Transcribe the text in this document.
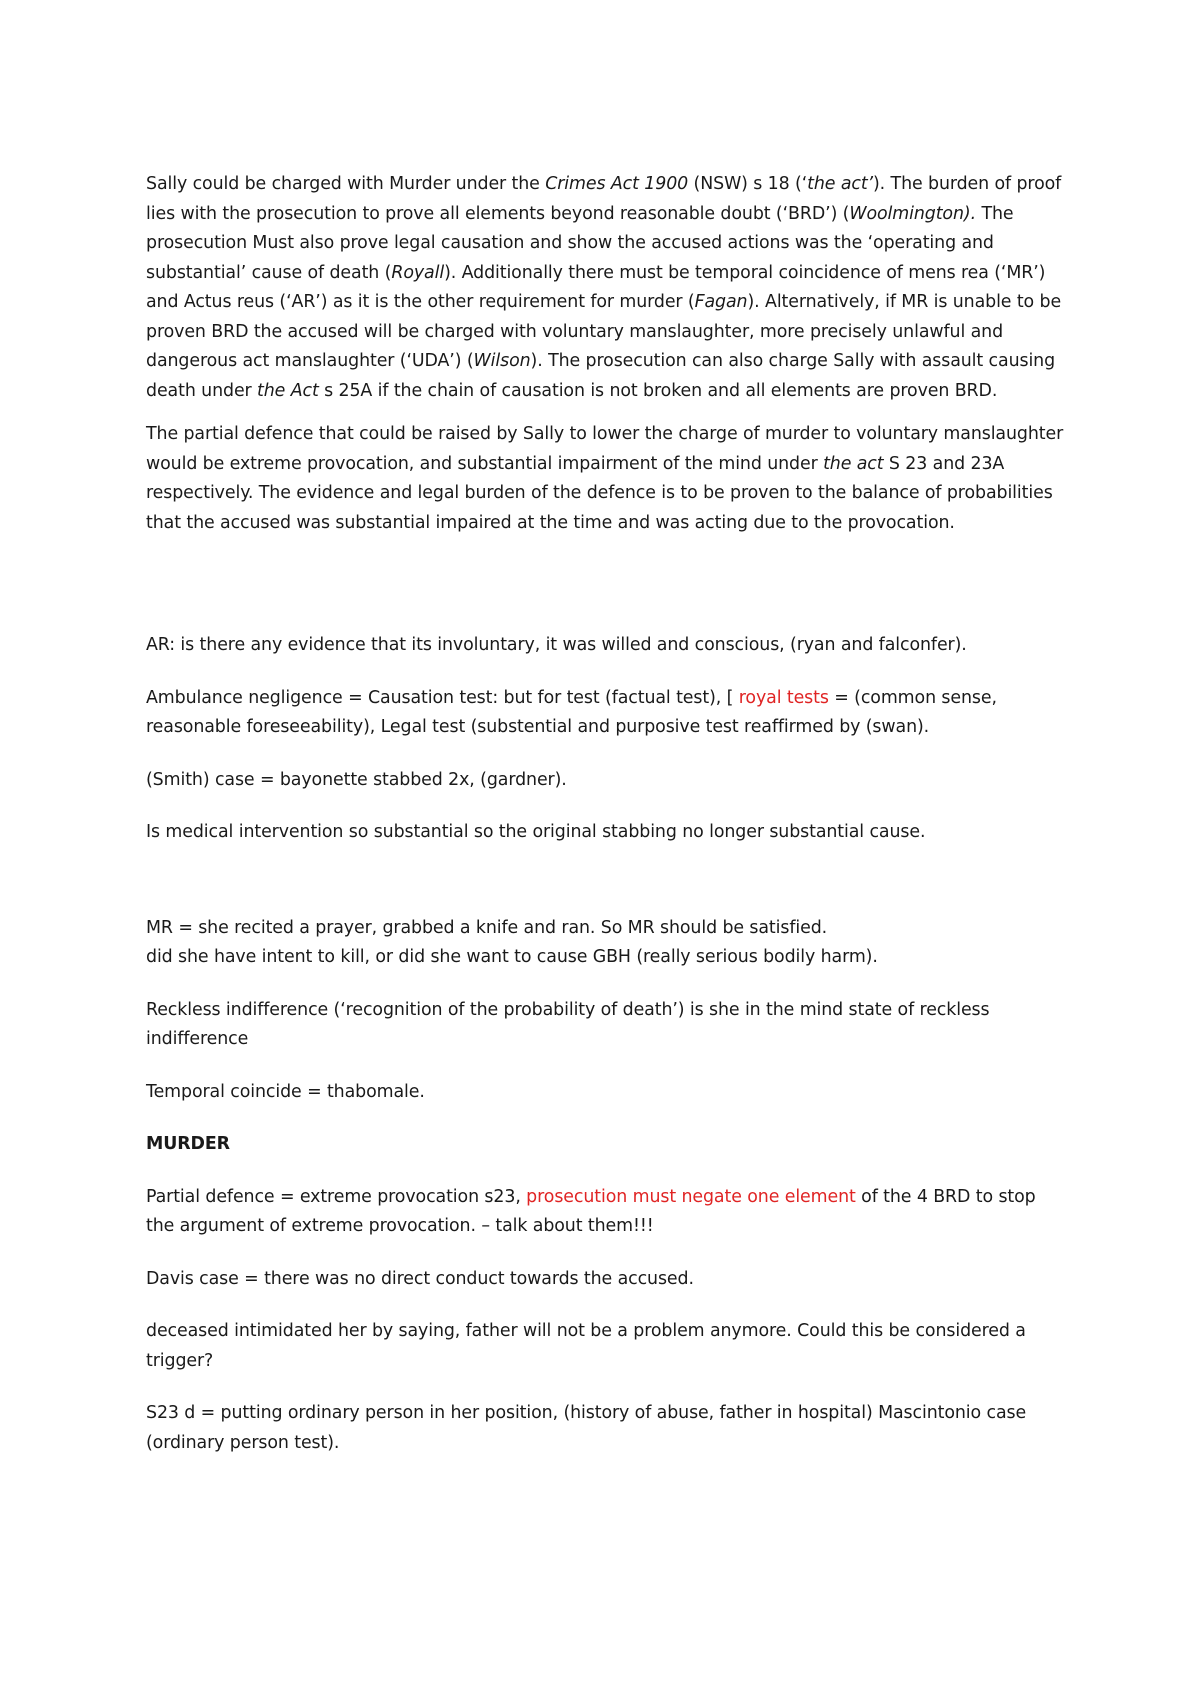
Sally could be charged with Murder under the Crimes Act 1900 (NSW) s 18 (‘the act’). The burden of proof lies with the prosecution to prove all elements beyond reasonable doubt (‘BRD’) (Woolmington). The prosecution Must also prove legal causation and show the accused actions was the ‘operating and substantial’ cause of death (Royall). Additionally there must be temporal coincidence of mens rea (‘MR’) and Actus reus (‘AR’) as it is the other requirement for murder (Fagan). Alternatively, if MR is unable to be proven BRD the accused will be charged with voluntary manslaughter, more precisely unlawful and dangerous act manslaughter (‘UDA’) (Wilson). The prosecution can also charge Sally with assault causing death under the Act s 25A if the chain of causation is not broken and all elements are proven BRD.

The partial defence that could be raised by Sally to lower the charge of murder to voluntary manslaughter would be extreme provocation, and substantial impairment of the mind under the act S 23 and 23A respectively. The evidence and legal burden of the defence is to be proven to the balance of probabilities that the accused was substantial impaired at the time and was acting due to the provocation.

AR: is there any evidence that its involuntary, it was willed and conscious, (ryan and falconfer).

Ambulance negligence = Causation test: but for test (factual test), [ royal tests = (common sense, reasonable foreseeability), Legal test (substential and purposive test reaffirmed by (swan).

(Smith) case = bayonette stabbed 2x, (gardner).

Is medical intervention so substantial so the original stabbing no longer substantial cause.

MR = she recited a prayer, grabbed a knife and ran. So MR should be satisfied.

did she have intent to kill, or did she want to cause GBH (really serious bodily harm).

Reckless indifference (‘recognition of the probability of death’) is she in the mind state of reckless indifference

Temporal coincide = thabomale.

MURDER

Partial defence = extreme provocation s23, prosecution must negate one element of the 4 BRD to stop the argument of extreme provocation. – talk about them!!!

Davis case = there was no direct conduct towards the accused.

deceased intimidated her by saying, father will not be a problem anymore. Could this be considered a trigger?

S23 d = putting ordinary person in her position, (history of abuse, father in hospital) Mascintonio case (ordinary person test).
